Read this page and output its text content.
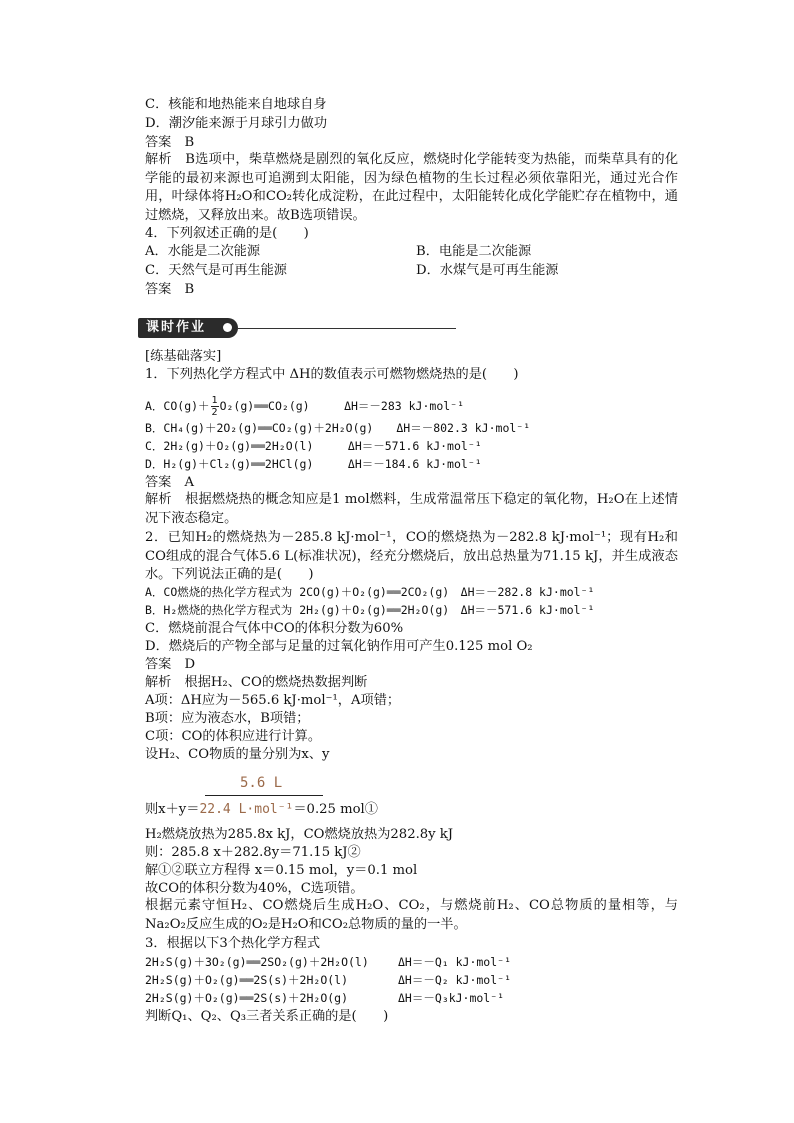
C．核能和地热能来自地球自身
D．潮汐能来源于月球引力做功
答案　B
解析　B选项中，柴草燃烧是剧烈的氧化反应，燃烧时化学能转变为热能，而柴草具有的化学能的最初来源也可追溯到太阳能，因为绿色植物的生长过程必须依靠阳光，通过光合作用，叶绿体将H₂O和CO₂转化成淀粉，在此过程中，太阳能转化成化学能贮存在植物中，通过燃烧，又释放出来。故B选项错误。
4．下列叙述正确的是(　　)
A．水能是二次能源	B．电能是二次能源
C．天然气是可再生能源	D．水煤气是可再生能源
答案　B
课时作业
[练基础落实]
1．下列热化学方程式中 ΔH的数值表示可燃物燃烧热的是(　　)
A．$CO(g)+ \frac{1}{2}$ O₂(g)══CO₂(g)　　　ΔH＝－283 kJ·mol⁻¹
B．CH₄(g)＋2O₂(g)══CO₂(g)＋2H₂O(g)　　ΔH＝－802.3 kJ·mol⁻¹
C．2H₂(g)＋O₂(g)══2H₂O(l)　　　ΔH＝－571.6 kJ·mol⁻¹
D．H₂(g)＋Cl₂(g)══2HCl(g)　　　ΔH＝－184.6 kJ·mol⁻¹
答案　A
解析　根据燃烧热的概念知应是1 mol燃料，生成常温常压下稳定的氧化物，H₂O在上述情况下液态稳定。
2．已知H₂的燃烧热为－285.8 kJ·mol⁻¹，CO的燃烧热为－282.8 kJ·mol⁻¹；现有H₂和CO组成的混合气体5.6 L(标准状况)，经充分燃烧后，放出总热量为71.15 kJ，并生成液态水。下列说法正确的是(　　)
A．CO燃烧的热化学方程式为 2CO(g)＋O₂(g)══2CO₂(g)　ΔH＝－282.8 kJ·mol⁻¹
B．H₂燃烧的热化学方程式为 2H₂(g)＋O₂(g)══2H₂O(g)　ΔH＝－571.6 kJ·mol⁻¹
C．燃烧前混合气体中CO的体积分数为60%
D．燃烧后的产物全部与足量的过氧化钠作用可产生0.125 mol O₂
答案　D
解析　根据H₂、CO的燃烧热数据判断
A项：ΔH应为－565.6 kJ·mol⁻¹，A项错；
B项：应为液态水，B项错；
C项：CO的体积应进行计算。
设H₂、CO物质的量分别为x、y
5.6 L
则x＋y＝22.4 L·mol⁻¹＝0.25 mol①
H₂燃烧放热为285.8x kJ，CO燃烧放热为282.8y kJ
则：285.8 x＋282.8y＝71.15 kJ②
解①②联立方程得 x＝0.15 mol，y＝0.1 mol
故CO的体积分数为40%，C选项错。
根据元素守恒H₂、CO燃烧后生成H₂O、CO₂，与燃烧前H₂、CO总物质的量相等，与Na₂O₂反应生成的O₂是H₂O和CO₂总物质的量的一半。
3．根据以下3个热化学方程式
2H₂S(g)＋3O₂(g)══2SO₂(g)＋2H₂O(l)	ΔH＝－Q₁ kJ·mol⁻¹
2H₂S(g)＋O₂(g)══2S(s)＋2H₂O(l)	ΔH＝－Q₂ kJ·mol⁻¹
2H₂S(g)＋O₂(g)══2S(s)＋2H₂O(g)	ΔH＝－Q₃kJ·mol⁻¹
判断Q₁、Q₂、Q₃三者关系正确的是(　　)
